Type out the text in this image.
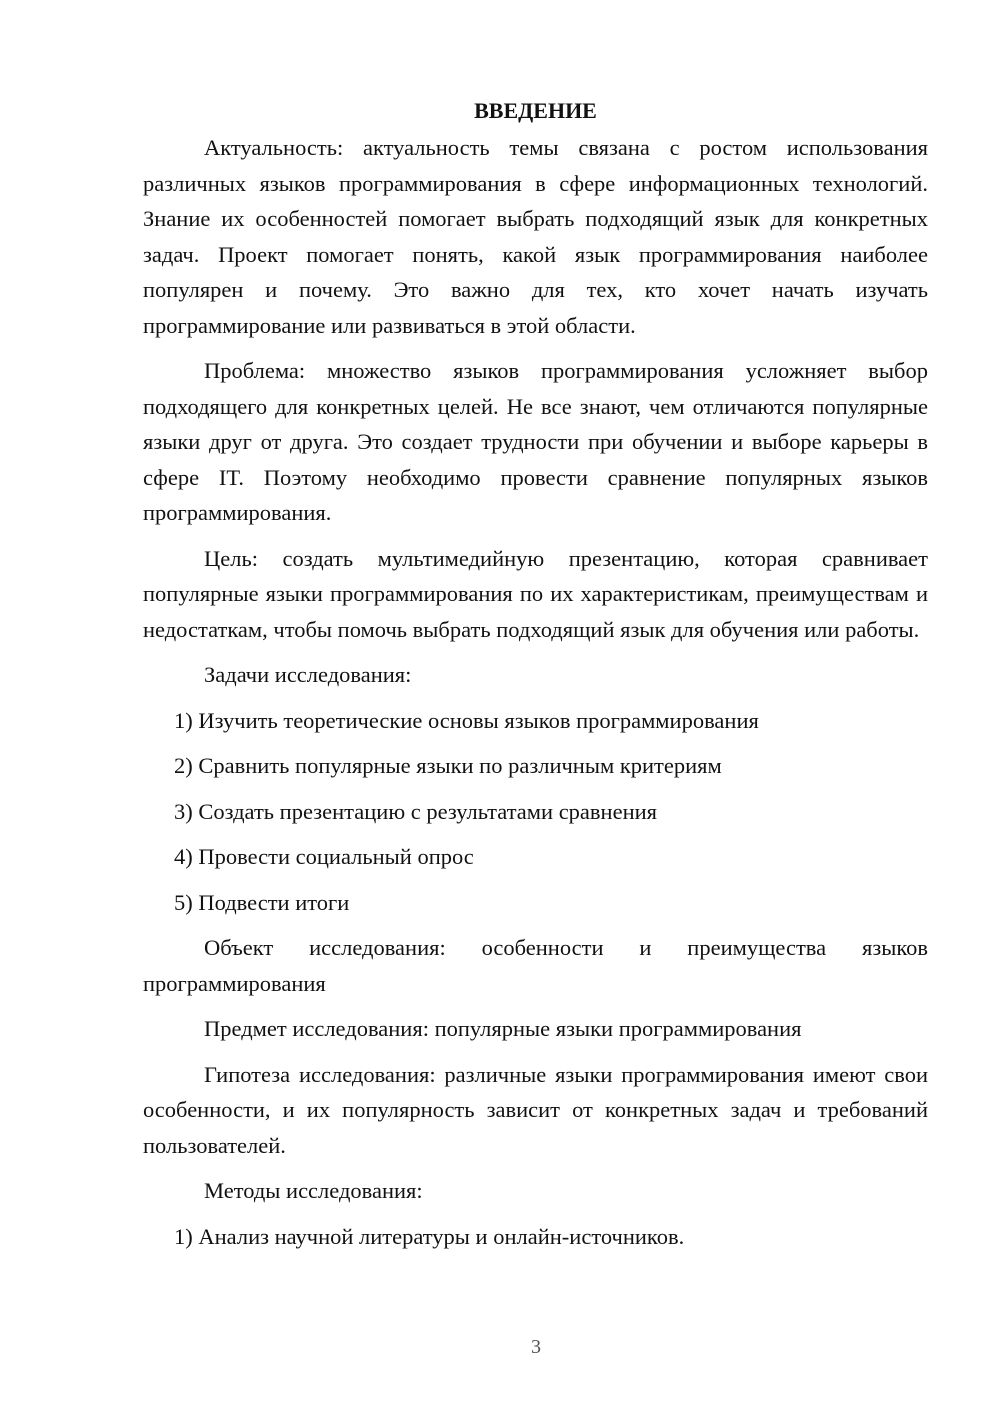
ВВЕДЕНИЕ

Актуальность: актуальность темы связана с ростом использования различных языков программирования в сфере информационных технологий. Знание их особенностей помогает выбрать подходящий язык для конкретных задач. Проект помогает понять, какой язык программирования наиболее популярен и почему. Это важно для тех, кто хочет начать изучать программирование или развиваться в этой области.

Проблема: множество языков программирования усложняет выбор подходящего для конкретных целей. Не все знают, чем отличаются популярные языки друг от друга. Это создает трудности при обучении и выборе карьеры в сфере IT. Поэтому необходимо провести сравнение популярных языков программирования.

Цель: создать мультимедийную презентацию, которая сравнивает популярные языки программирования по их характеристикам, преимуществам и недостаткам, чтобы помочь выбрать подходящий язык для обучения или работы.

Задачи исследования:

1) Изучить теоретические основы языков программирования

2) Сравнить популярные языки по различным критериям

3) Создать презентацию с результатами сравнения

4) Провести социальный опрос

5) Подвести итоги

Объект исследования: особенности и преимущества языков программирования

Предмет исследования: популярные языки программирования

Гипотеза исследования: различные языки программирования имеют свои особенности, и их популярность зависит от конкретных задач и требований пользователей.

Методы исследования:

1) Анализ научной литературы и онлайн-источников.

3
